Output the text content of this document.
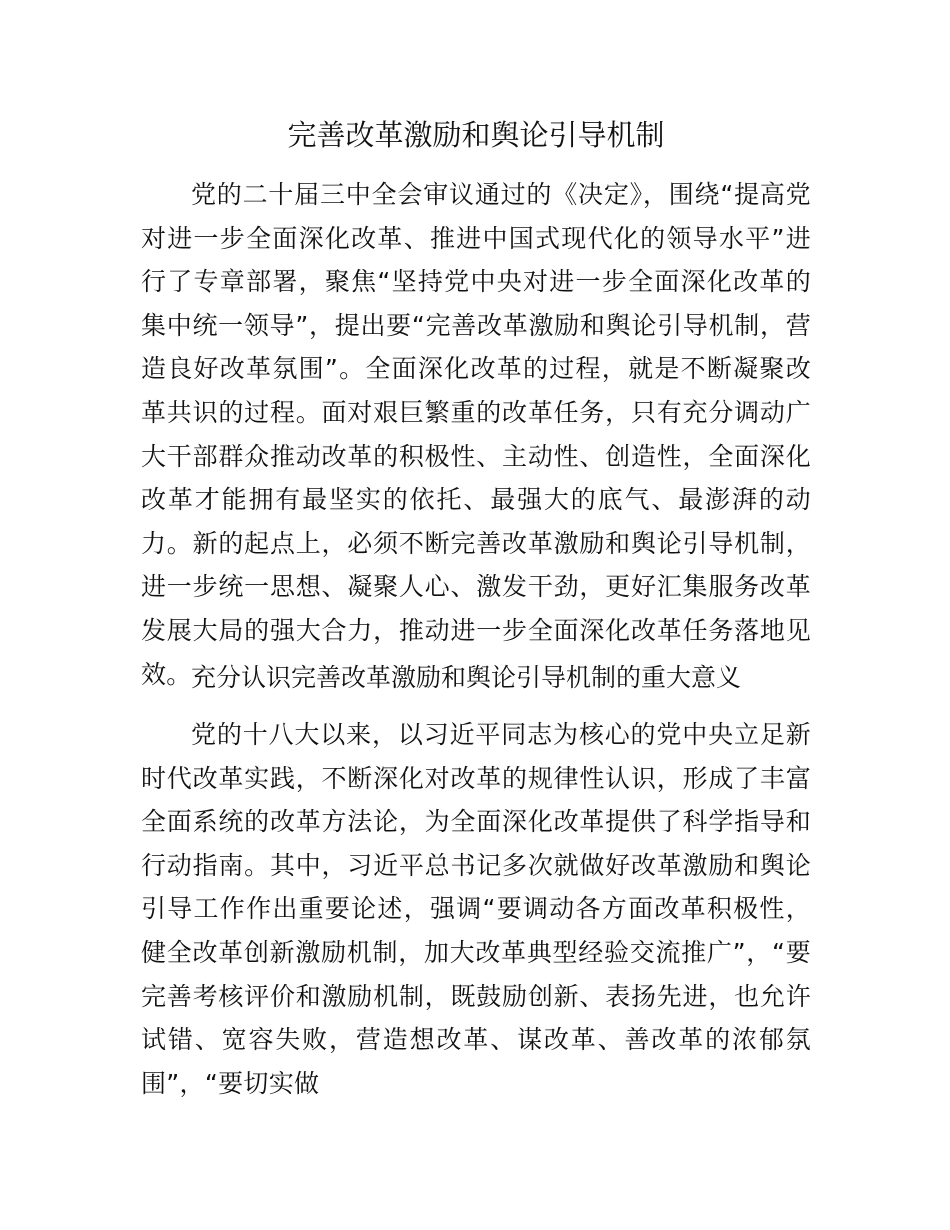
完善改革激励和舆论引导机制

党的二十届三中全会审议通过的《决定》，围绕“提高党对进一步全面深化改革、推进中国式现代化的领导水平”进行了专章部署，聚焦“坚持党中央对进一步全面深化改革的集中统一领导”，提出要“完善改革激励和舆论引导机制，营造良好改革氛围”。全面深化改革的过程，就是不断凝聚改革共识的过程。面对艰巨繁重的改革任务，只有充分调动广大干部群众推动改革的积极性、主动性、创造性，全面深化改革才能拥有最坚实的依托、最强大的底气、最澎湃的动力。新的起点上，必须不断完善改革激励和舆论引导机制，进一步统一思想、凝聚人心、激发干劲，更好汇集服务改革发展大局的强大合力，推动进一步全面深化改革任务落地见效。 充分认识完善改革激励和舆论引导机制的重大意义

党的十八大以来，以习近平同志为核心的党中央立足新时代改革实践，不断深化对改革的规律性认识，形成了丰富全面系统的改革方法论，为全面深化改革提供了科学指导和行动指南。其中，习近平总书记多次就做好改革激励和舆论引导工作作出重要论述，强调“要调动各方面改革积极性，健全改革创新激励机制，加大改革典型经验交流推广”，“要完善考核评价和激励机制，既鼓励创新、表扬先进，也允许试错、宽容失败，营造想改革、谋改革、善改革的浓郁氛围”，“要切实做
